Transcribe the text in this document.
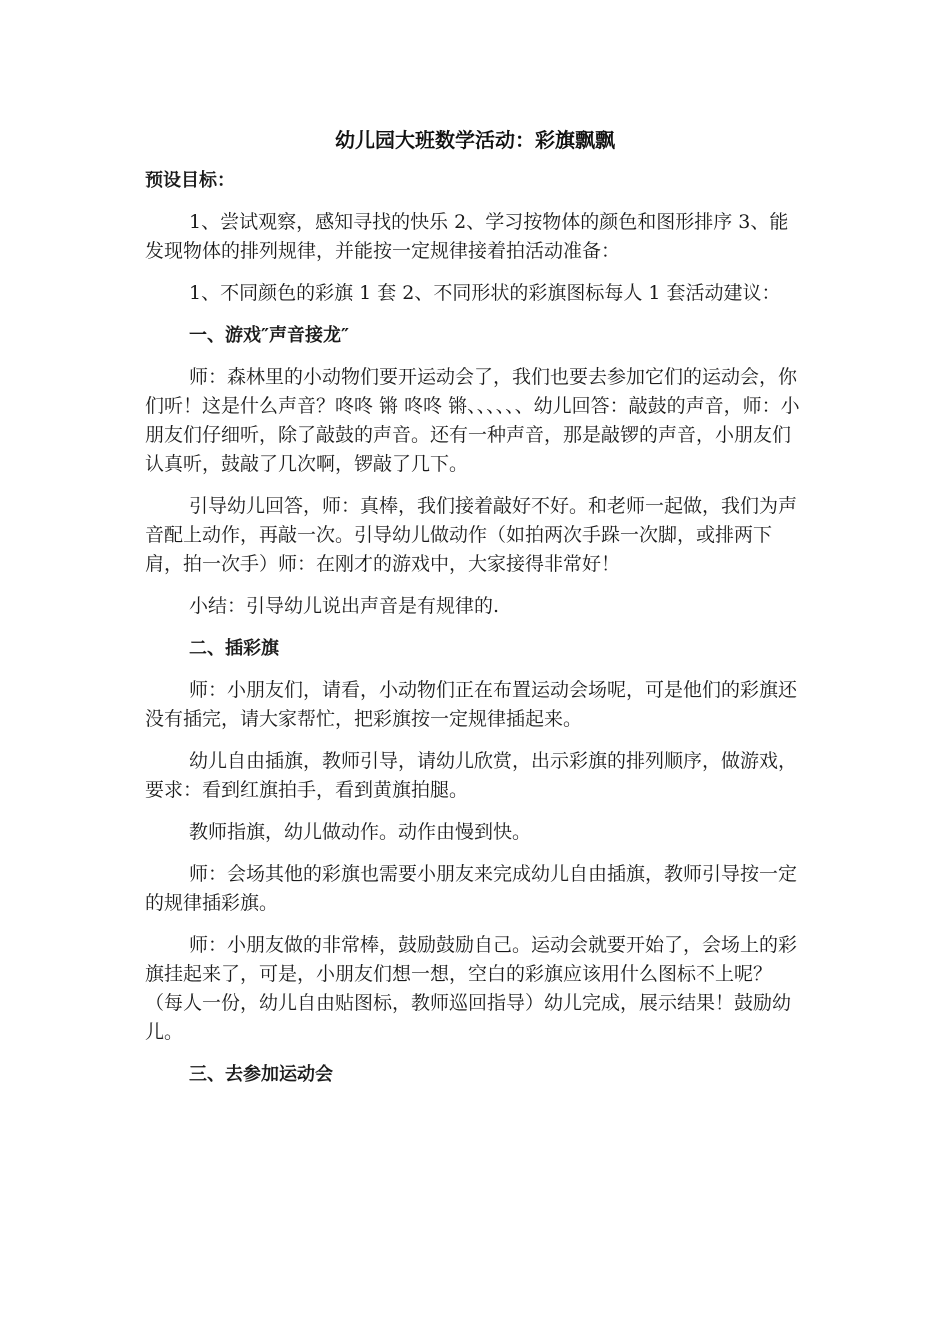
幼儿园大班数学活动：彩旗飘飘
预设目标：

1、尝试观察，感知寻找的快乐 2、学习按物体的颜色和图形排序 3、能发现物体的排列规律，并能按一定规律接着拍活动准备：

1、不同颜色的彩旗 1 套 2、不同形状的彩旗图标每人 1 套活动建议：

一、游戏″声音接龙″

师：森林里的小动物们要开运动会了，我们也要去参加它们的运动会，你们听！这是什么声音？咚咚 锵 咚咚 锵、、、、、、幼儿回答：敲鼓的声音，师：小朋友们仔细听，除了敲鼓的声音。还有一种声音，那是敲锣的声音，小朋友们认真听，鼓敲了几次啊，锣敲了几下。

引导幼儿回答，师：真棒，我们接着敲好不好。和老师一起做，我们为声音配上动作，再敲一次。引导幼儿做动作（如拍两次手跺一次脚，或排两下肩，拍一次手）师：在刚才的游戏中，大家接得非常好！

小结：引导幼儿说出声音是有规律的.

二、插彩旗

师：小朋友们，请看，小动物们正在布置运动会场呢，可是他们的彩旗还没有插完，请大家帮忙，把彩旗按一定规律插起来。

幼儿自由插旗，教师引导，请幼儿欣赏，出示彩旗的排列顺序，做游戏，要求：看到红旗拍手，看到黄旗拍腿。

教师指旗，幼儿做动作。动作由慢到快。

师：会场其他的彩旗也需要小朋友来完成幼儿自由插旗，教师引导按一定的规律插彩旗。

师：小朋友做的非常棒，鼓励鼓励自己。运动会就要开始了，会场上的彩旗挂起来了，可是，小朋友们想一想，空白的彩旗应该用什么图标不上呢？（每人一份，幼儿自由贴图标，教师巡回指导）幼儿完成，展示结果！鼓励幼儿。

三、去参加运动会
